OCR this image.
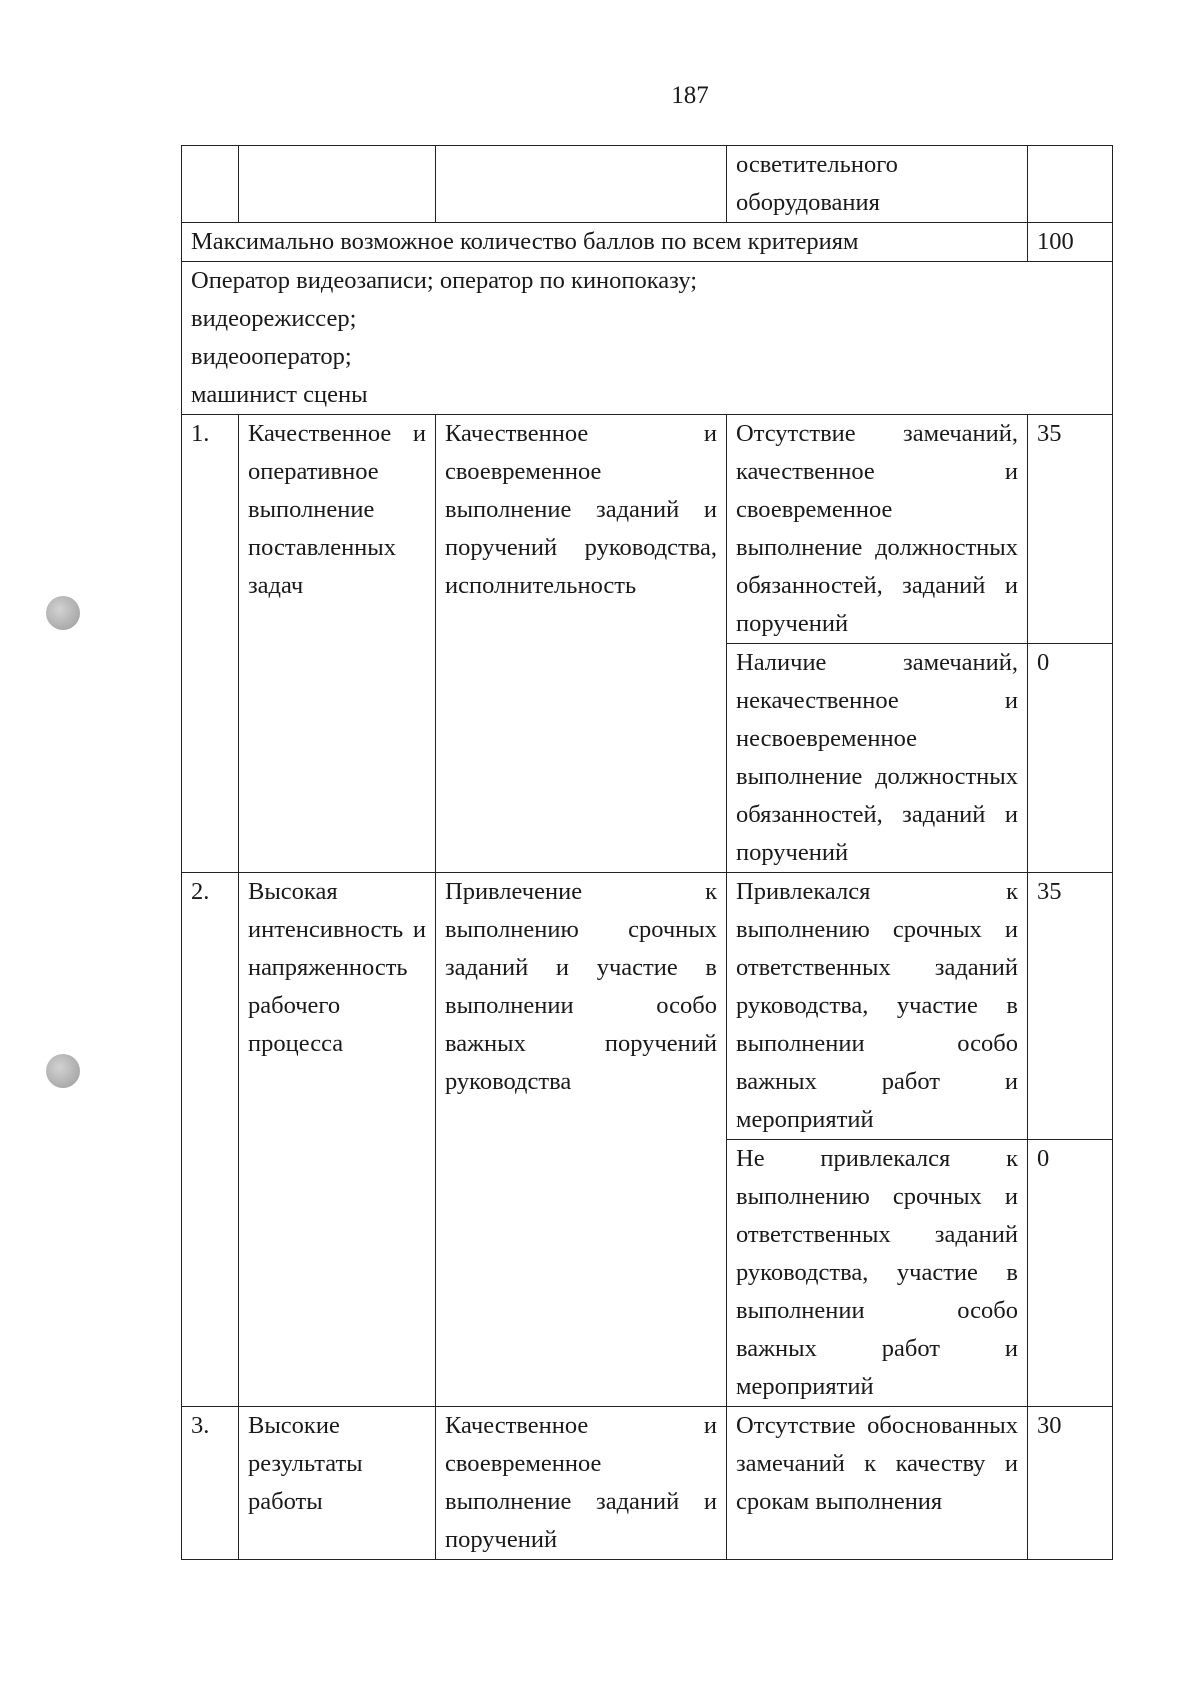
187
			осветительного оборудования	
Максимально возможное количество баллов по всем критериям				100

Оператор видеозаписи; оператор по кинопоказу;
видеорежиссер;
видеооператор;
машинист сцены				

1.	Качественное и оперативное выполнение поставленных задач	Качественное и своевременное выполнение заданий и поручений руководства, исполнительность	Отсутствие замечаний, качественное и своевременное выполнение должностных обязанностей, заданий и поручений	35
			Наличие замечаний, некачественное и несвоевременное выполнение должностных обязанностей, заданий и поручений	0
2.	Высокая интенсивность и напряженность рабочего процесса	Привлечение к выполнению срочных заданий и участие в выполнении особо важных поручений руководства	Привлекался к выполнению срочных и ответственных заданий руководства, участие в выполнении особо важных работ и мероприятий	35
			Не привлекался к выполнению срочных и ответственных заданий руководства, участие в выполнении особо важных работ и мероприятий	0
3.	Высокие результаты работы	Качественное и своевременное выполнение заданий и поручений	Отсутствие обоснованных замечаний к качеству и срокам выполнения	30
